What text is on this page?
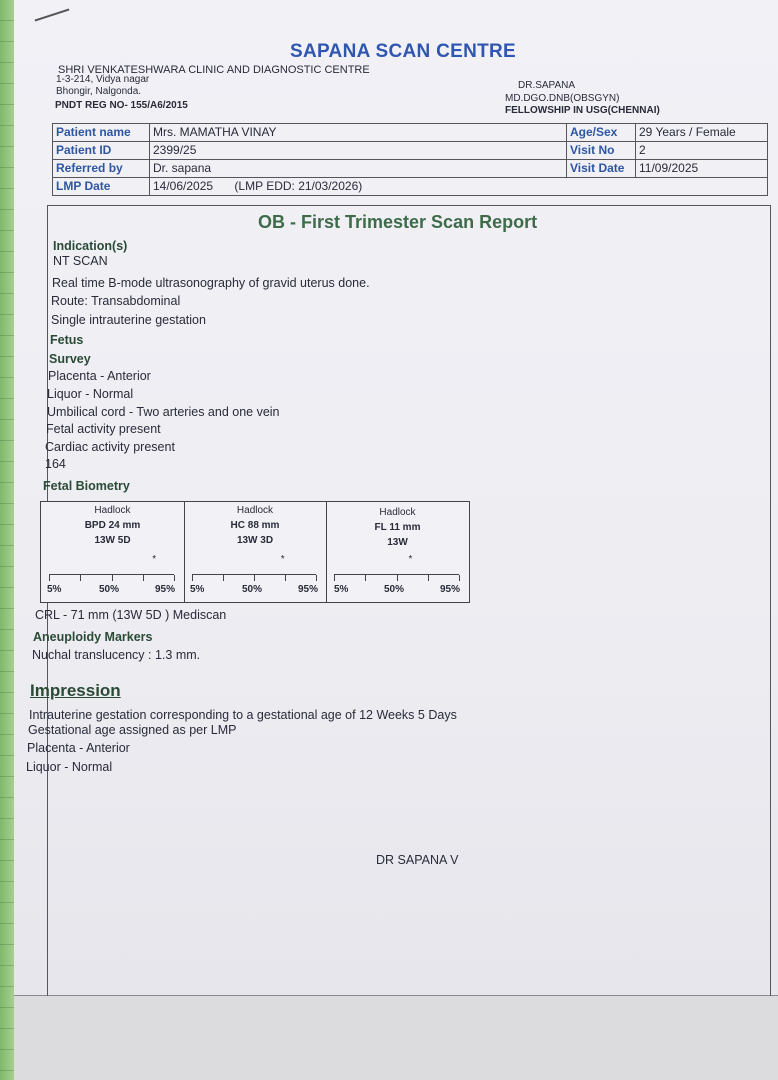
SAPANA SCAN CENTRE
SHRI VENKATESHWARA CLINIC AND DIAGNOSTIC CENTRE
1-3-214, Vidya nagar
Bhongir, Nalgonda.
PNDT REG NO- 155/A6/2015
DR.SAPANA
MD.DGO.DNB(OBSGYN)
FELLOWSHIP IN USG(CHENNAI)
Patient name	Mrs. MAMATHA VINAY	Age/Sex	29 Years / Female
Patient ID	2399/25	Visit No	2
Referred by	Dr. sapana	Visit Date	11/09/2025
LMP Date	14/06/2025 (LMP EDD: 21/03/2026)		
OB - First Trimester Scan Report
Indication(s)
NT SCAN
Real time B-mode ultrasonography of gravid uterus done.
Route: Transabdominal
Single intrauterine gestation
Fetus
Survey
Placenta - Anterior
Liquor - Normal
Umbilical cord - Two arteries and one vein
Fetal activity present
Cardiac activity present
164
Fetal Biometry
Hadlock
BPD 24 mm
13W 5D
*
5%	50%	95%
Hadlock
HC 88 mm
13W 3D
*
5%	50%	95%
Hadlock
FL 11 mm
13W
*
5%	50%	95%
CRL - 71 mm (13W 5D ) Mediscan
Aneuploidy Markers
Nuchal translucency : 1.3 mm.
Impression
Intrauterine gestation corresponding to a gestational age of 12 Weeks 5 Days
Gestational age assigned as per LMP
Placenta - Anterior
Liquor - Normal
DR SAPANA V
